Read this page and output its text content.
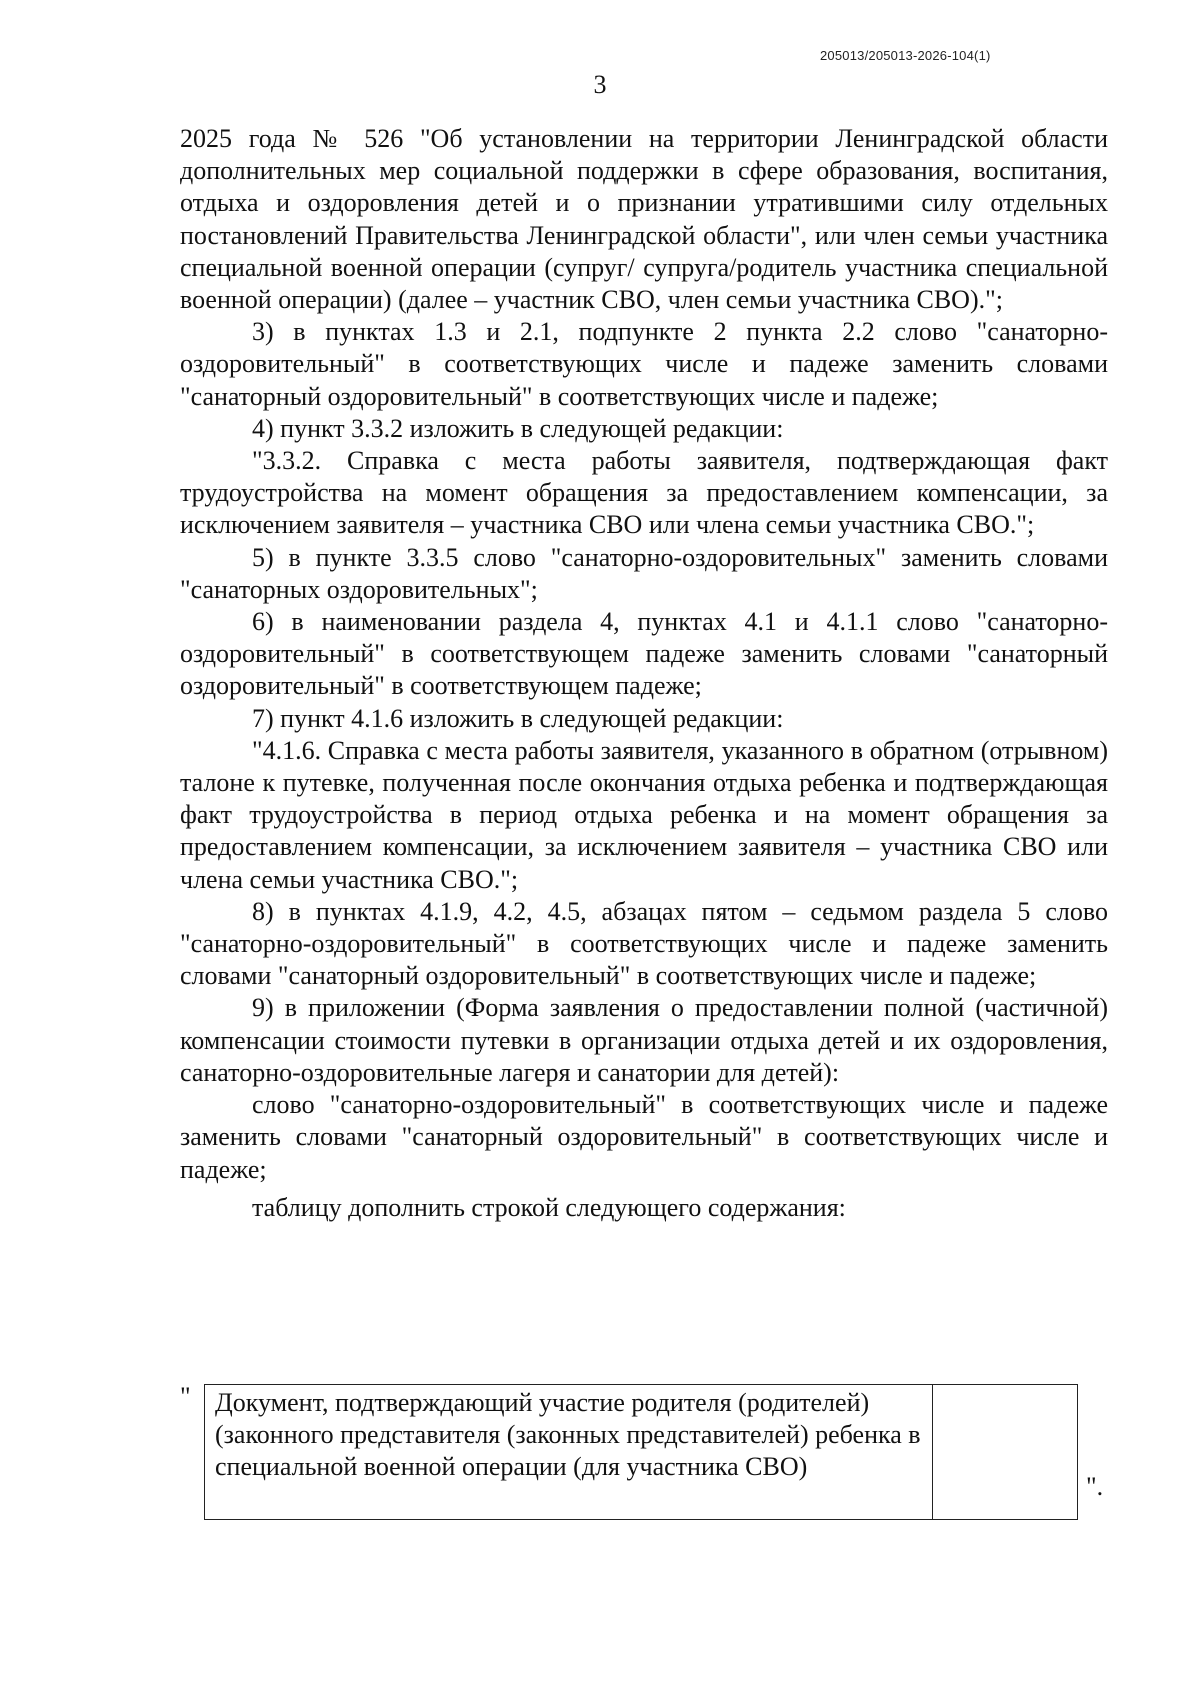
205013/205013-2026-104(1)
3

2025 года № 526 "Об установлении на территории Ленинградской области дополнительных мер социальной поддержки в сфере образования, воспитания, отдыха и оздоровления детей и о признании утратившими силу отдельных постановлений Правительства Ленинградской области", или член семьи участника специальной военной операции (супруг/ супруга/родитель участника специальной военной операции) (далее – участник СВО, член семьи участника СВО).";

3) в пунктах 1.3 и 2.1, подпункте 2 пункта 2.2 слово "санаторно-оздоровительный" в соответствующих числе и падеже заменить словами "санаторный оздоровительный" в соответствующих числе и падеже;

4) пункт 3.3.2 изложить в следующей редакции:

"3.3.2. Справка с места работы заявителя, подтверждающая факт трудоустройства на момент обращения за предоставлением компенсации, за исключением заявителя – участника СВО или члена семьи участника СВО.";

5) в пункте 3.3.5 слово "санаторно-оздоровительных" заменить словами "санаторных оздоровительных";

6) в наименовании раздела 4, пунктах 4.1 и 4.1.1 слово "санаторно-оздоровительный" в соответствующем падеже заменить словами "санаторный оздоровительный" в соответствующем падеже;

7) пункт 4.1.6 изложить в следующей редакции:

"4.1.6. Справка с места работы заявителя, указанного в обратном (отрывном) талоне к путевке, полученная после окончания отдыха ребенка и подтверждающая факт трудоустройства в период отдыха ребенка и на момент обращения за предоставлением компенсации, за исключением заявителя – участника СВО или члена семьи участника СВО.";

8) в пунктах 4.1.9, 4.2, 4.5, абзацах пятом – седьмом раздела 5 слово "санаторно-оздоровительный" в соответствующих числе и падеже заменить словами "санаторный оздоровительный" в соответствующих числе и падеже;

9) в приложении (Форма заявления о предоставлении полной (частичной) компенсации стоимости путевки в организации отдыха детей и их оздоровления, санаторно-оздоровительные лагеря и санатории для детей):

слово "санаторно-оздоровительный" в соответствующих числе и падеже заменить словами "санаторный оздоровительный" в соответствующих числе и падеже;

таблицу дополнить строкой следующего содержания:

" Документ, подтверждающий участие родителя (родителей) (законного представителя (законных представителей) ребенка в специальной военной операции (для участника СВО)	
".
